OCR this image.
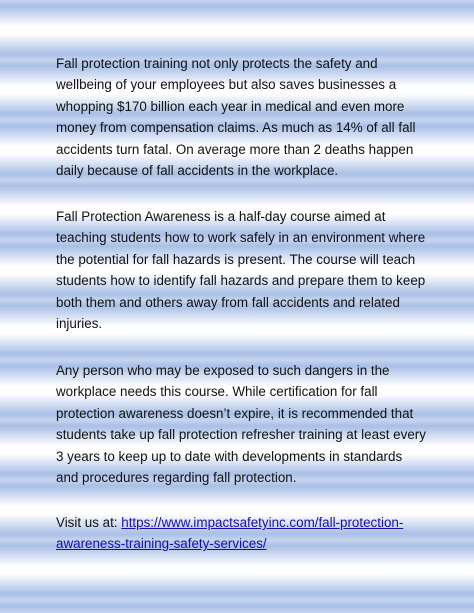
Fall protection training not only protects the safety and wellbeing of your employees but also saves businesses a whopping $170 billion each year in medical and even more money from compensation claims. As much as 14% of all fall accidents turn fatal. On average more than 2 deaths happen daily because of fall accidents in the workplace.

Fall Protection Awareness is a half-day course aimed at teaching students how to work safely in an environment where the potential for fall hazards is present. The course will teach students how to identify fall hazards and prepare them to keep both them and others away from fall accidents and related injuries.

Any person who may be exposed to such dangers in the workplace needs this course. While certification for fall protection awareness doesn’t expire, it is recommended that students take up fall protection refresher training at least every 3 years to keep up to date with developments in standards and procedures regarding fall protection.

Visit us at: https://www.impactsafetyinc.com/fall-protection-awareness-training-safety-services/
